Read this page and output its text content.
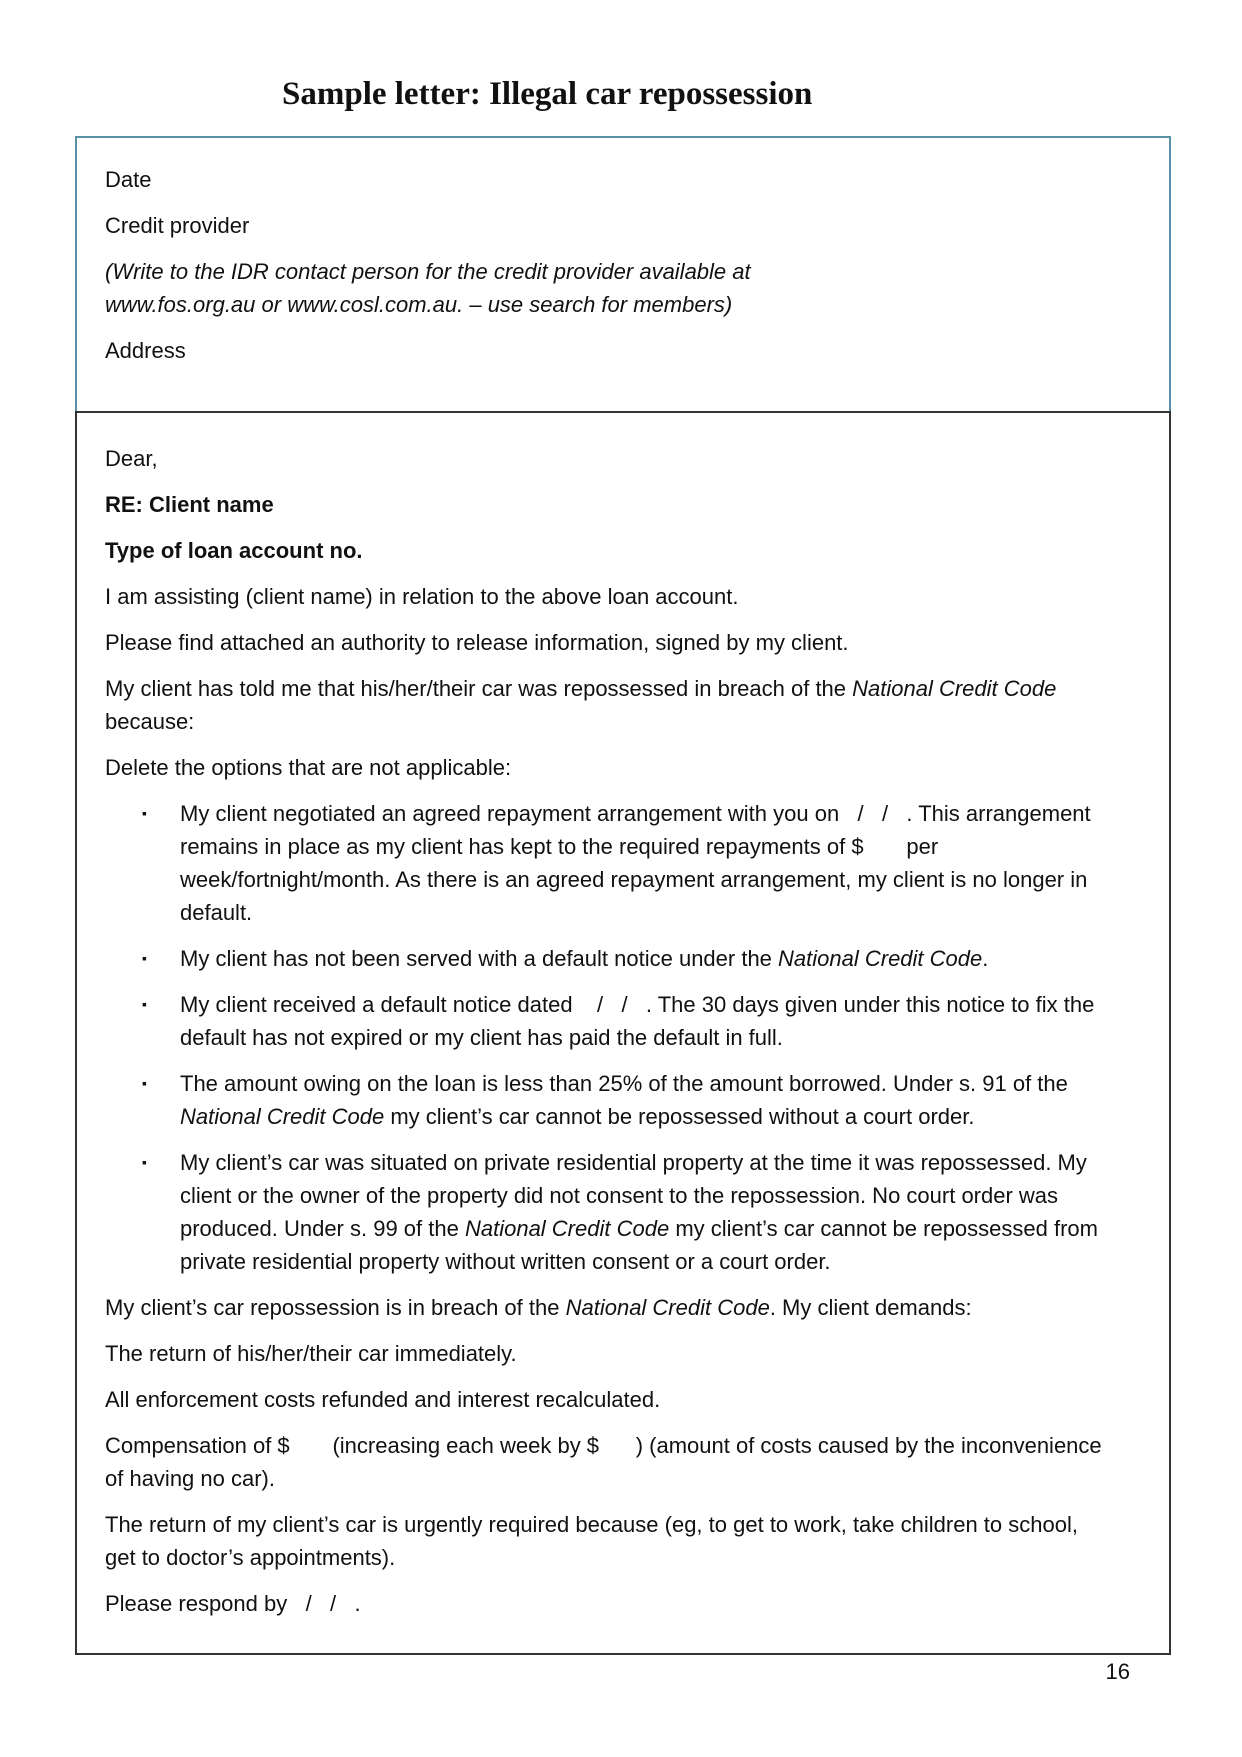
Sample letter: Illegal car repossession

Date

Credit provider

(Write to the IDR contact person for the credit provider available at

www.fos.org.au or www.cosl.com.au. – use search for members)

Address

Dear,

RE: Client name

Type of loan account no.

I am assisting (client name) in relation to the above loan account.

Please find attached an authority to release information, signed by my client.

My client has told me that his/her/their car was repossessed in breach of the National Credit Code

because:

Delete the options that are not applicable:

▪ My client negotiated an agreed repayment arrangement with you on   /   /   . This arrangement

remains in place as my client has kept to the required repayments of $       per

week/fortnight/month. As there is an agreed repayment arrangement, my client is no longer in

default.

▪ My client has not been served with a default notice under the National Credit Code.

▪ My client received a default notice dated    /   /   . The 30 days given under this notice to fix the

default has not expired or my client has paid the default in full.

▪ The amount owing on the loan is less than 25% of the amount borrowed. Under s. 91 of the

National Credit Code my client’s car cannot be repossessed without a court order.

▪ My client’s car was situated on private residential property at the time it was repossessed. My

client or the owner of the property did not consent to the repossession. No court order was

produced. Under s. 99 of the National Credit Code my client’s car cannot be repossessed from

private residential property without written consent or a court order.

My client’s car repossession is in breach of the National Credit Code. My client demands:

The return of his/her/their car immediately.

All enforcement costs refunded and interest recalculated.

Compensation of $       (increasing each week by $      ) (amount of costs caused by the inconvenience

of having no car).

The return of my client’s car is urgently required because (eg, to get to work, take children to school,

get to doctor’s appointments).

Please respond by   /   /   .

16
